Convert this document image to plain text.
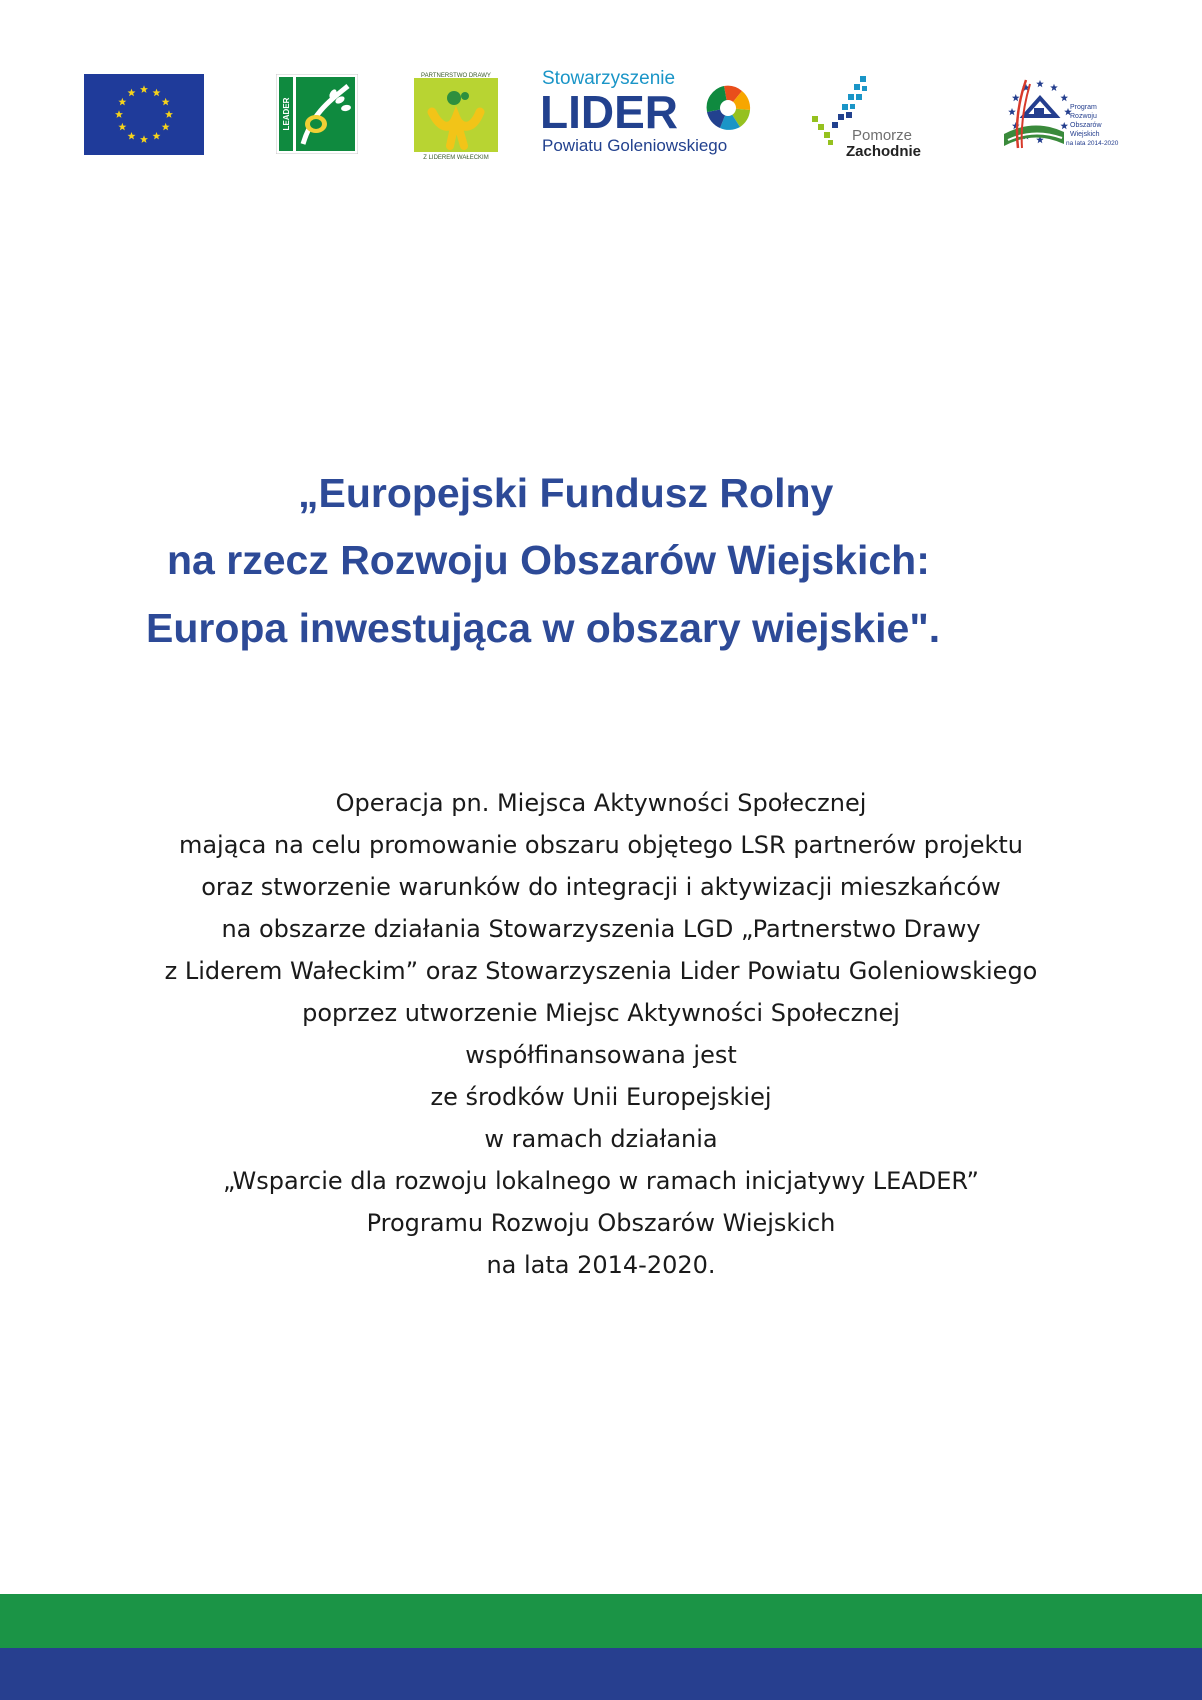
LEADER
PARTNERSTWO DRAWY
Z LIDEREM WAŁECKIM
Stowarzyszenie
LIDER
Powiatu Goleniowskiego
Pomorze
Zachodnie
Program
Rozwoju
Obszarów
Wiejskich
na lata 2014-2020
„Europejski Fundusz Rolny
na rzecz Rozwoju Obszarów Wiejskich:
Europa inwestująca w obszary wiejskie".
Operacja pn. Miejsca Aktywności Społecznej
mająca na celu promowanie obszaru objętego LSR partnerów projektu
oraz stworzenie warunków do integracji i aktywizacji mieszkańców
na obszarze działania Stowarzyszenia LGD „Partnerstwo Drawy
z Liderem Wałeckim” oraz Stowarzyszenia Lider Powiatu Goleniowskiego
poprzez utworzenie Miejsc Aktywności Społecznej
współfinansowana jest
ze środków Unii Europejskiej
w ramach działania
„Wsparcie dla rozwoju lokalnego w ramach inicjatywy LEADER”
Programu Rozwoju Obszarów Wiejskich
na lata 2014-2020.
